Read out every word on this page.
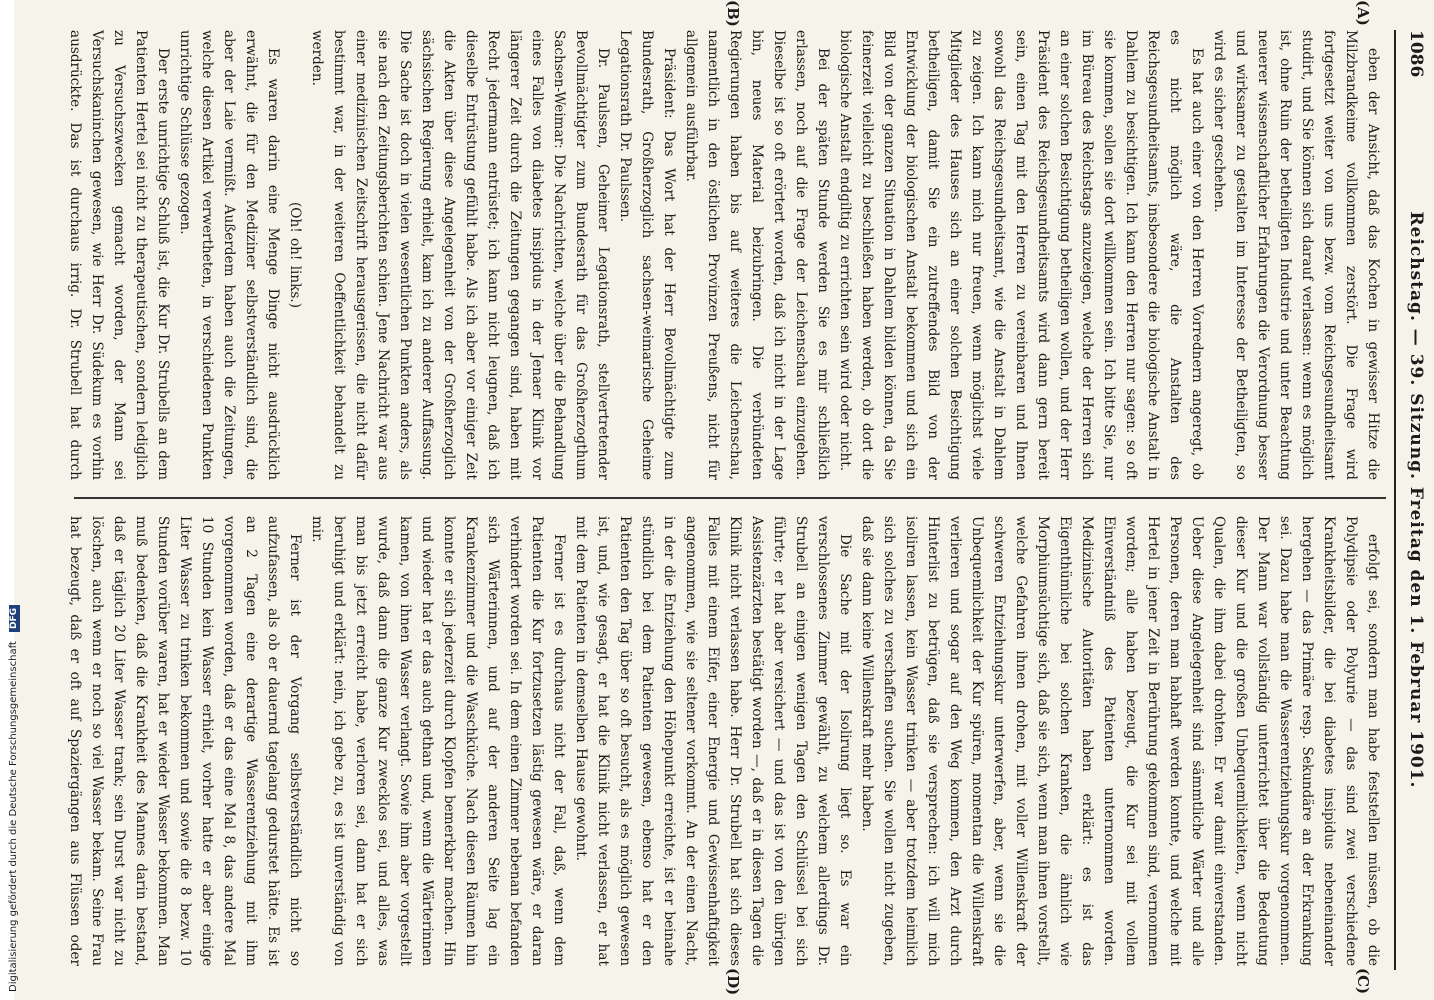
Digitalisierung gefördert durch die Deutsche Forschungsgemeinschaft DFG
1086
Reichstag. — 39. Sitzung. Freitag den 1. Februar 1901.
(A)
(B)
(C)
(D)

eben der Ansicht, daß das Kochen in gewisser Hitze die Milzbrandkeime vollkommen zerstört. Die Frage wird fortgesetzt weiter von uns bezw. vom Reichsgesundheitsamt studirt, und Sie können sich darauf verlassen: wenn es möglich ist, ohne Ruin der betheiligten Industrie und unter Beachtung neuerer wissenschaftlicher Erfahrungen die Verordnung besser und wirksamer zu gestalten im Interesse der Betheiligten, so wird es sicher geschehen.

Es hat auch einer von den Herren Vorrednern angeregt, ob es nicht möglich wäre, die Anstalten des Reichsgesundheitsamts, insbesondere die biologische Anstalt in Dahlem zu besichtigen. Ich kann den Herren nur sagen: so oft sie kommen, sollen sie dort willkommen sein. Ich bitte Sie, nur im Büreau des Reichstags anzuzeigen, welche der Herren sich an einer solchen Besichtigung betheiligen wollen, und der Herr Präsident des Reichsgesundheitsamts wird dann gern bereit sein, einen Tag mit den Herren zu vereinbaren und Ihnen sowohl das Reichsgesundheitsamt, wie die Anstalt in Dahlem zu zeigen. Ich kann mich nur freuen, wenn möglichst viele Mitglieder des Hauses sich an einer solchen Besichtigung betheiligen, damit Sie ein zutreffendes Bild von der Entwicklung der biologischen Anstalt bekommen und sich ein Bild von der ganzen Situation in Dahlem bilden können, da Sie feinerzeit vielleicht zu beschließen haben werden, ob dort die biologische Anstalt endgiltig zu errichten sein wird oder nicht.

Bei der späten Stunde werden Sie es mir schließlich erlassen, noch auf die Frage der Leichenschau einzugehen. Dieselbe ist so oft erörtert worden, daß ich nicht in der Lage bin, neues Material beizubringen. Die verbündeten Regierungen haben bis auf weiteres die Leichenschau, namentlich in den östlichen Provinzen Preußens, nicht für allgemein ausführbar.

Präsident: Das Wort hat der Herr Bevollmächtigte zum Bundesrath, Großherzoglich sachsen-weimarische Geheime Legationsrath Dr. Paulssen.

Dr. Paulssen, Geheimer Legationsrath, stellvertretender Bevollmächtigter zum Bundesrath für das Großherzogthum Sachsen-Weimar: Die Nachrichten, welche über die Behandlung eines Falles von diabetes insipidus in der Jenaer Klinik vor längerer Zeit durch die Zeitungen gegangen sind, haben mit Recht jedermann entrüstet; ich kann nicht leugnen, daß ich dieselbe Entrüstung gefühlt habe. Als ich aber vor einiger Zeit die Akten über diese Angelegenheit von der Großherzoglich sächsischen Regierung erhielt, kam ich zu anderer Auffassung. Die Sache ist doch in vielen wesentlichen Punkten anders, als sie nach den Zeitungsberichten schien. Jene Nachricht war aus einer medizinischen Zeitschrift herausgerissen, die nicht dafür bestimmt war, in der weiteren Oeffentlichkeit behandelt zu werden.

(Oh! oh! links.)

Es waren darin eine Menge Dinge nicht ausdrücklich erwähnt, die für den Mediziner selbstverständlich sind, die aber der Laie vermißt. Außerdem haben auch die Zeitungen, welche diesen Artikel verwertheten, in verschiedenen Punkten unrichtige Schlüsse gezogen.

Der erste unrichtige Schluß ist, die Kur Dr. Strubells an dem Patienten Hertel sei nicht zu therapeutischen, sondern lediglich zu Versuchszwecken gemacht worden, der Mann sei Versuchskaninchen gewesen, wie Herr Dr. Südekum es vorhin ausdrückte. Das ist durchaus irrig. Dr. Strubell hat durch

erfolgt sei, sondern man habe feststellen müssen, ob die Polydipsie oder Polyurie — das sind zwei verschiedene Krankheitsbilder, die bei diabetes insipidus nebeneinander hergehen — das Primäre resp. Sekundäre an der Erkrankung sei. Dazu habe man die Wasserentziehungskur vorgenommen. Der Mann war vollständig unterrichtet über die Bedeutung dieser Kur und die großen Unbequemlichkeiten, wenn nicht Qualen, die ihm dabei drohten. Er war damit einverstanden. Ueber diese Angelegenheit sind sämmtliche Wärter und alle Personen, deren man habhaft werden konnte, und welche mit Hertel in jener Zeit in Berührung gekommen sind, vernommen worden; alle haben bezeugt, die Kur sei mit vollem Einverständniß des Patienten unternommen worden. Medizinische Autoritäten haben erklärt: es ist das Eigenthümliche bei solchen Kranken, die ähnlich wie Morphiumsüchtige sich, daß sie sich, wenn man ihnen vorstellt, welche Gefahren ihnen drohen, mit voller Willenskraft der schweren Entziehungskur unterwerfen, aber, wenn sie die Unbequemlichkeit der Kur spüren, momentan die Willenskraft verlieren und sogar auf den Weg kommen, den Arzt durch Hinterlist zu betrügen, daß sie versprechen: ich will mich isoliren lassen, kein Wasser trinken — aber trotzdem heimlich sich solches zu verschaffen suchen. Sie wollen nicht zugeben, daß sie dann keine Willenskraft mehr haben.

Die Sache mit der Isolirung liegt so. Es war ein verschlossenes Zimmer gewählt, zu welchem allerdings Dr. Strubell an einigen wenigen Tagen den Schlüssel bei sich führte; er hat aber versichert — und das ist von den übrigen Assistenzärzten bestätigt worden —, daß er in diesen Tagen die Klinik nicht verlassen habe. Herr Dr. Strubell hat sich dieses Falles mit einem Eifer, einer Energie und Gewissenhaftigkeit angenommen, wie sie seltener vorkommt. An der einen Nacht, in der die Entziehung den Höhepunkt erreichte, ist er beinahe stündlich bei dem Patienten gewesen, ebenso hat er den Patienten den Tag über so oft besucht, als es möglich gewesen ist, und, wie gesagt, er hat die Klinik nicht verlassen, er hat mit dem Patienten in demselben Hause gewohnt.

Ferner ist es durchaus nicht der Fall, daß, wenn dem Patienten die Kur fortzusetzen lästig gewesen wäre, er daran verhindert worden sei. In dem einen Zimmer nebenan befanden sich Wärterinnen, und auf der anderen Seite lag ein Krankenzimmer und die Waschküche. Nach diesen Räumen hin konnte er sich jederzeit durch Klopfen bemerkbar machen. Hin und wieder hat er das auch gethan und, wenn die Wärterinnen kamen, von ihnen Wasser verlangt. Sowie ihm aber vorgestellt wurde, daß dann die ganze Kur zwecklos sei, und alles, was man bis jetzt erreicht habe, verloren sei, dann hat er sich beruhigt und erklärt: nein, ich gebe zu, es ist unverständig von mir.

Ferner ist der Vorgang selbstverständlich nicht so aufzufassen, als ob er dauernd tagelang gedurstet hätte. Es ist an 2 Tagen eine derartige Wasserentziehung mit ihm vorgenommen worden, daß er das eine Mal 8, das andere Mal 10 Stunden kein Wasser erhielt, vorher hatte er aber einige Liter Wasser zu trinken bekommen und sowie die 8 bezw. 10 Stunden vorüber waren, hat er wieder Wasser bekommen. Man muß bedenken, daß die Krankheit des Mannes darin bestand, daß er täglich 20 Liter Wasser trank; sein Durst war nicht zu löschen, auch wenn er noch so viel Wasser bekam. Seine Frau hat bezeugt, daß er oft auf Spaziergängen aus Flüssen oder
